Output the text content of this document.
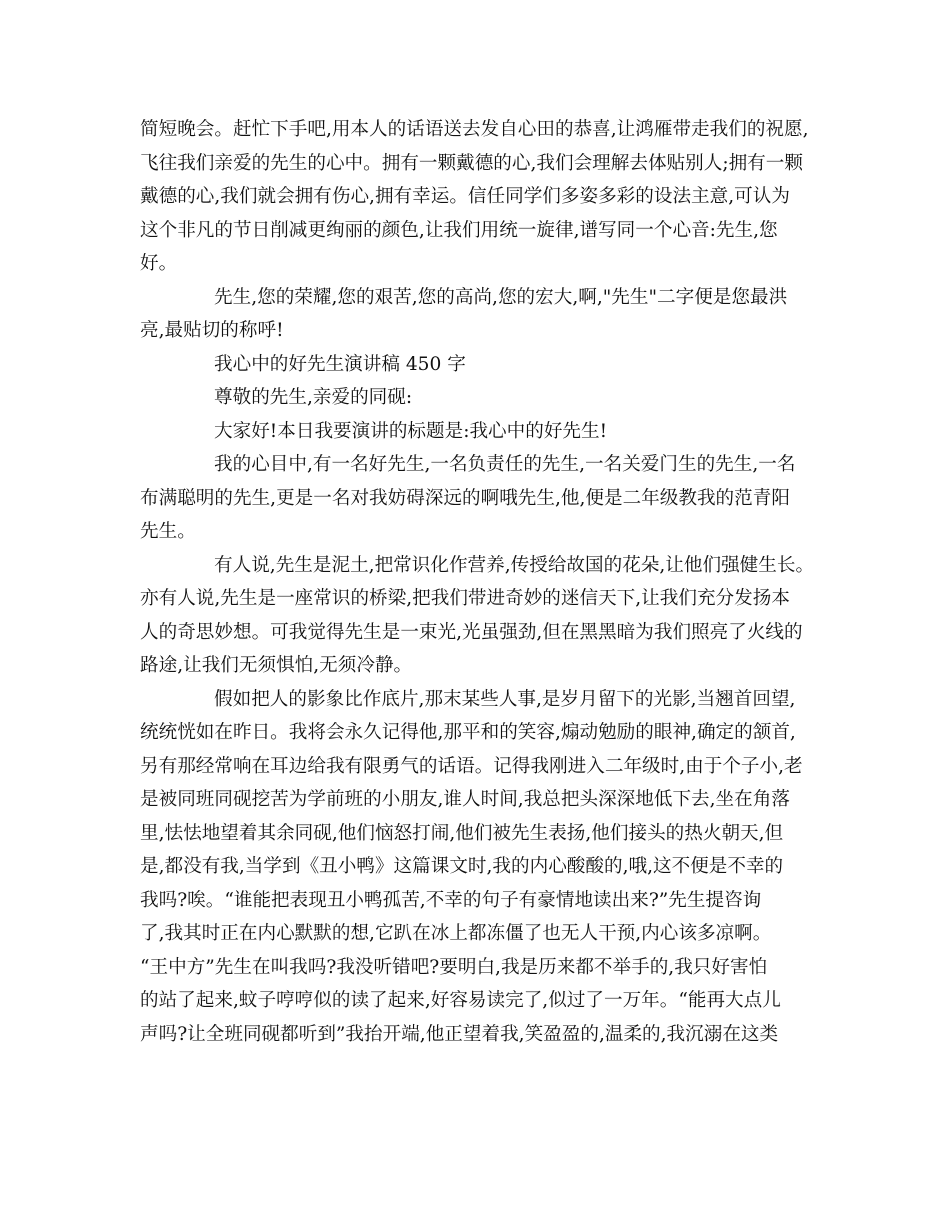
简短晚会。赶忙下手吧,用本人的话语送去发自心田的恭喜,让鸿雁带走我们的祝愿,
飞往我们亲爱的先生的心中。拥有一颗戴德的心,我们会理解去体贴别人;拥有一颗
戴德的心,我们就会拥有伤心,拥有幸运。信任同学们多姿多彩的设法主意,可认为
这个非凡的节日削减更绚丽的颜色,让我们用统一旋律,谱写同一个心音:先生,您
好。
先生,您的荣耀,您的艰苦,您的高尚,您的宏大,啊,"先生"二字便是您最洪
亮,最贴切的称呼!
我心中的好先生演讲稿 450 字
尊敬的先生,亲爱的同砚:
大家好!本日我要演讲的标题是:我心中的好先生!
我的心目中,有一名好先生,一名负责任的先生,一名关爱门生的先生,一名
布满聪明的先生,更是一名对我妨碍深远的啊哦先生,他,便是二年级教我的范青阳
先生。
有人说,先生是泥土,把常识化作营养,传授给故国的花朵,让他们强健生长。
亦有人说,先生是一座常识的桥梁,把我们带进奇妙的迷信天下,让我们充分发扬本
人的奇思妙想。可我觉得先生是一束光,光虽强劲,但在黑黑暗为我们照亮了火线的
路途,让我们无须惧怕,无须冷静。
假如把人的影象比作底片,那末某些人事,是岁月留下的光影,当翘首回望,
统统恍如在昨日。我将会永久记得他,那平和的笑容,煽动勉励的眼神,确定的颔首,
另有那经常响在耳边给我有限勇气的话语。记得我刚进入二年级时,由于个子小,老
是被同班同砚挖苦为学前班的小朋友,谁人时间,我总把头深深地低下去,坐在角落
里,怯怯地望着其余同砚,他们恼怒打闹,他们被先生表扬,他们接头的热火朝天,但
是,都没有我,当学到《丑小鸭》这篇课文时,我的内心酸酸的,哦,这不便是不幸的
我吗?唉。“谁能把表现丑小鸭孤苦,不幸的句子有豪情地读出来?”先生提咨询
了,我其时正在内心默默的想,它趴在冰上都冻僵了也无人干预,内心该多凉啊。
“王中方”先生在叫我吗?我没听错吧?要明白,我是历来都不举手的,我只好害怕
的站了起来,蚊子哼哼似的读了起来,好容易读完了,似过了一万年。“能再大点儿
声吗?让全班同砚都听到”我抬开端,他正望着我,笑盈盈的,温柔的,我沉溺在这类
